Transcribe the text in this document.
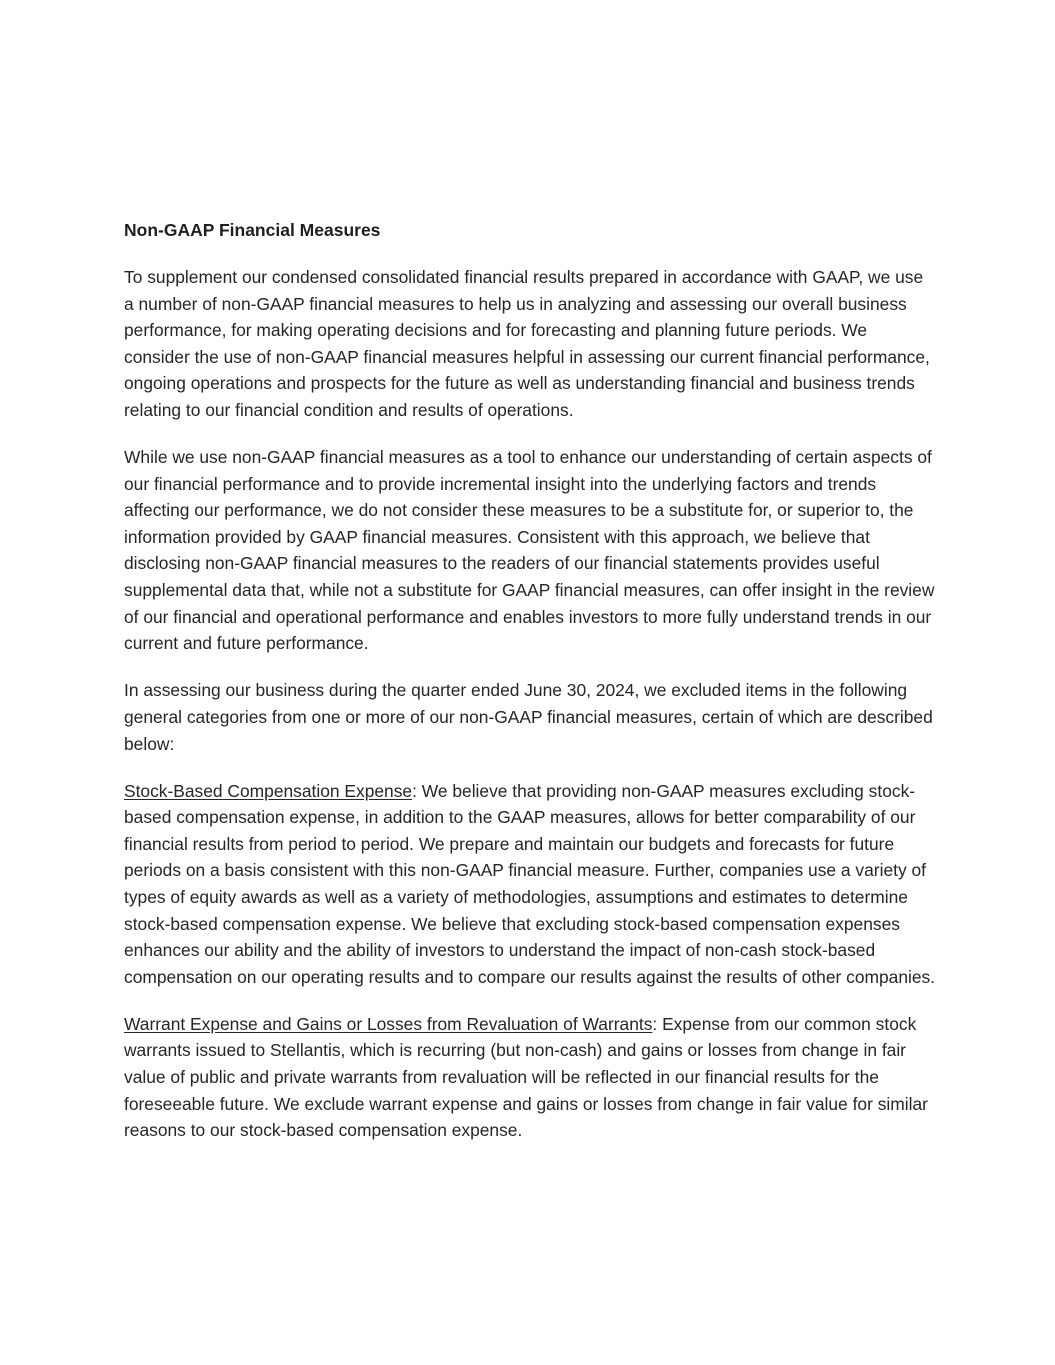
Non-GAAP Financial Measures

To supplement our condensed consolidated financial results prepared in accordance with GAAP, we use a number of non-GAAP financial measures to help us in analyzing and assessing our overall business performance, for making operating decisions and for forecasting and planning future periods. We consider the use of non-GAAP financial measures helpful in assessing our current financial performance, ongoing operations and prospects for the future as well as understanding financial and business trends relating to our financial condition and results of operations.

While we use non-GAAP financial measures as a tool to enhance our understanding of certain aspects of our financial performance and to provide incremental insight into the underlying factors and trends affecting our performance, we do not consider these measures to be a substitute for, or superior to, the information provided by GAAP financial measures. Consistent with this approach, we believe that disclosing non-GAAP financial measures to the readers of our financial statements provides useful supplemental data that, while not a substitute for GAAP financial measures, can offer insight in the review of our financial and operational performance and enables investors to more fully understand trends in our current and future performance.

In assessing our business during the quarter ended June 30, 2024, we excluded items in the following general categories from one or more of our non-GAAP financial measures, certain of which are described below:

Stock-Based Compensation Expense: We believe that providing non-GAAP measures excluding stock-based compensation expense, in addition to the GAAP measures, allows for better comparability of our financial results from period to period. We prepare and maintain our budgets and forecasts for future periods on a basis consistent with this non-GAAP financial measure. Further, companies use a variety of types of equity awards as well as a variety of methodologies, assumptions and estimates to determine stock-based compensation expense. We believe that excluding stock-based compensation expenses enhances our ability and the ability of investors to understand the impact of non-cash stock-based compensation on our operating results and to compare our results against the results of other companies.

Warrant Expense and Gains or Losses from Revaluation of Warrants: Expense from our common stock warrants issued to Stellantis, which is recurring (but non-cash) and gains or losses from change in fair value of public and private warrants from revaluation will be reflected in our financial results for the foreseeable future. We exclude warrant expense and gains or losses from change in fair value for similar reasons to our stock-based compensation expense.
